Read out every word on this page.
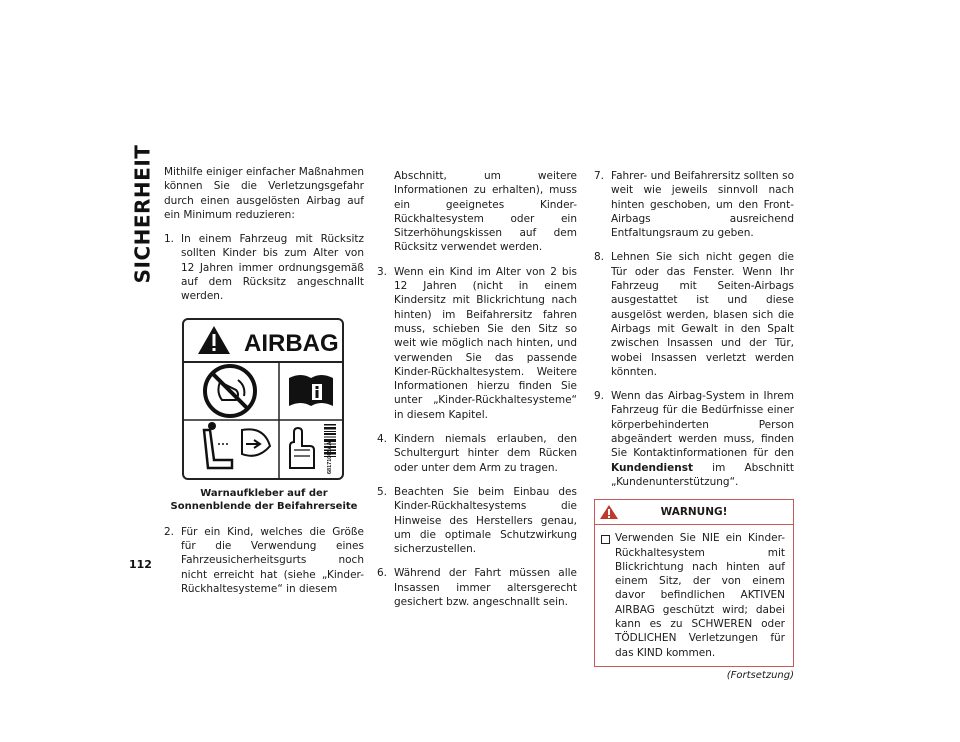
SICHERHEIT
112

Mithilfe einiger einfacher Maßnahmen können Sie die Verletzungsgefahr durch einen ausgelösten Airbag auf ein Minimum reduzieren:

1. In einem Fahrzeug mit Rücksitz sollten Kinder bis zum Alter von 12 Jahren immer ordnungsgemäß auf dem Rücksitz angeschnallt werden.
AIRBAG
68171005AA
Warnaufkleber auf der Sonnenblende der Beifahrerseite
2. Für ein Kind, welches die Größe für die Verwendung eines Fahrzeusicherheitsgurts noch nicht erreicht hat (siehe „Kinder-Rückhaltesysteme“ in diesem
Abschnitt, um weitere Informationen zu erhalten), muss ein geeignetes Kinder-Rückhaltesystem oder ein Sitzerhöhungskissen auf dem Rücksitz verwendet werden.
3. Wenn ein Kind im Alter von 2 bis 12 Jahren (nicht in einem Kindersitz mit Blickrichtung nach hinten) im Beifahrersitz fahren muss, schieben Sie den Sitz so weit wie möglich nach hinten, und verwenden Sie das passende Kinder-Rückhaltesystem. Weitere Informationen hierzu finden Sie unter „Kinder-Rückhaltesysteme“ in diesem Kapitel.
4. Kindern niemals erlauben, den Schultergurt hinter dem Rücken oder unter dem Arm zu tragen.
5. Beachten Sie beim Einbau des Kinder-Rückhaltesystems die Hinweise des Herstellers genau, um die optimale Schutzwirkung sicherzustellen.
6. Während der Fahrt müssen alle Insassen immer altersgerecht gesichert bzw. angeschnallt sein.
7. Fahrer- und Beifahrersitz sollten so weit wie jeweils sinnvoll nach hinten geschoben, um den Front-Airbags ausreichend Entfaltungsraum zu geben.
8. Lehnen Sie sich nicht gegen die Tür oder das Fenster. Wenn Ihr Fahrzeug mit Seiten-Airbags ausgestattet ist und diese ausgelöst werden, blasen sich die Airbags mit Gewalt in den Spalt zwischen Insassen und der Tür, wobei Insassen verletzt werden könnten.
9. Wenn das Airbag-System in Ihrem Fahrzeug für die Bedürfnisse einer körperbehinderten Person abgeändert werden muss, finden Sie Kontaktinformationen für den Kundendienst im Abschnitt „Kundenunterstützung“.
WARNUNG!
Verwenden Sie NIE ein Kinder-Rückhaltesystem mit Blickrichtung nach hinten auf einem Sitz, der von einem davor befindlichen AKTIVEN AIRBAG geschützt wird; dabei kann es zu SCHWEREN oder TÖDLICHEN Verletzungen für das KIND kommen.
(Fortsetzung)
